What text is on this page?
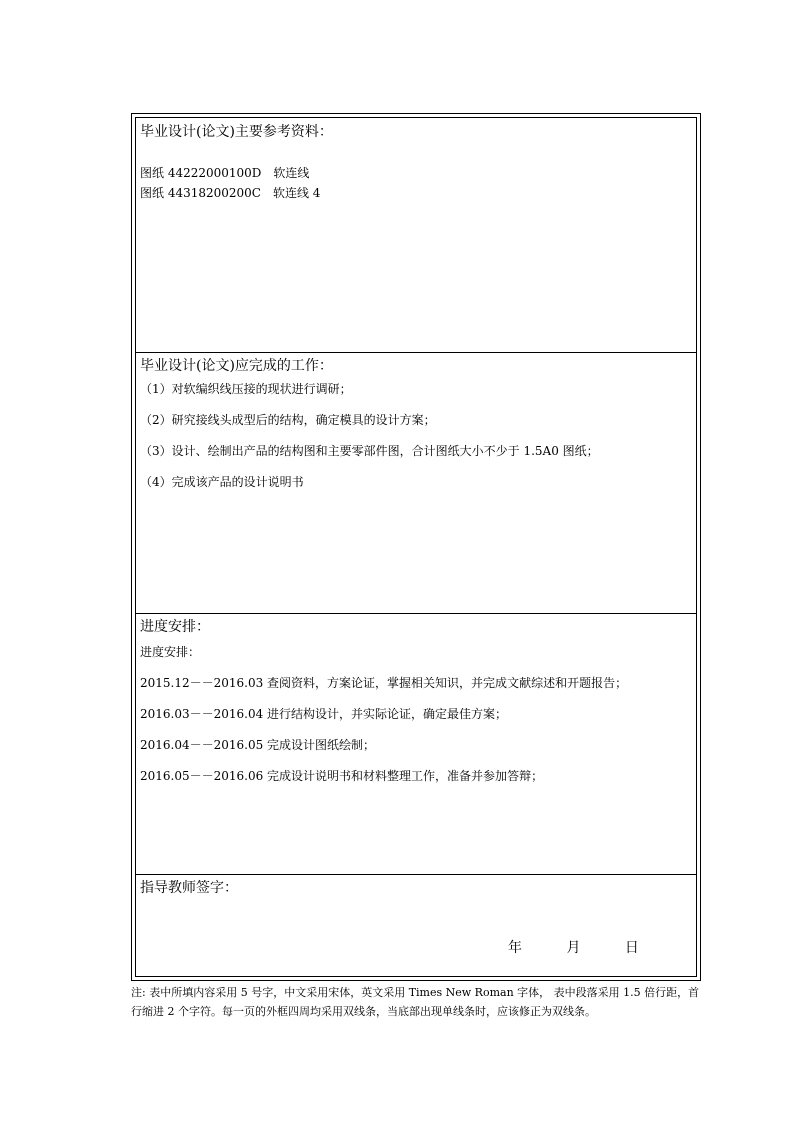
毕业设计(论文)主要参考资料：
图纸 44222000100D　软连线
图纸 44318200200C　软连线 4
毕业设计(论文)应完成的工作：
（1）对软编织线压接的现状进行调研；
（2）研究接线头成型后的结构，确定模具的设计方案；
（3）设计、绘制出产品的结构图和主要零部件图，合计图纸大小不少于 1.5A0 图纸；
（4）完成该产品的设计说明书
进度安排：
进度安排：
2015.12－－2016.03 查阅资料，方案论证，掌握相关知识，并完成文献综述和开题报告；
2016.03－－2016.04 进行结构设计，并实际论证，确定最佳方案；
2016.04－－2016.05 完成设计图纸绘制；
2016.05－－2016.06 完成设计说明书和材料整理工作，准备并参加答辩；
指导教师签字：
年	月	日
注: 表中所填内容采用 5 号字，中文采用宋体，英文采用 Times New Roman 字体， 表中段落采用 1.5 倍行距，首行缩进 2 个字符。每一页的外框四周均采用双线条，当底部出现单线条时，应该修正为双线条。
